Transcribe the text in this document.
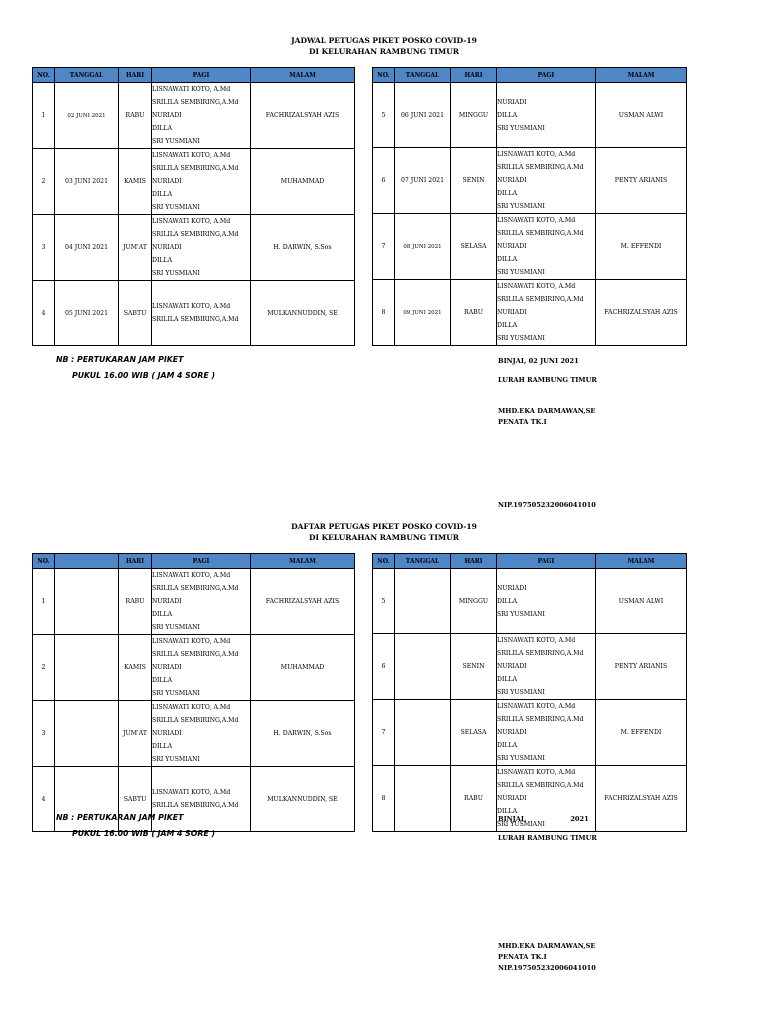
JADWAL PETUGAS PIKET POSKO COVID-19
DI KELURAHAN RAMBUNG TIMUR
NO.	TANGGAL	HARI	PAGI	MALAM
1	02 JUNI 2021	RABU	LISNAWATI KOTO, A.Md
SRILILA SEMBIRING,A.Md
NURIADI
DILLA
SRI YUSMIANI	FACHRIZALSYAH AZIS
2	03 JUNI 2021	KAMIS	LISNAWATI KOTO, A.Md
SRILILA SEMBIRING,A.Md
NURIADI
DILLA
SRI YUSMIANI	MUHAMMAD
3	04 JUNI 2021	JUM'AT	LISNAWATI KOTO, A.Md
SRILILA SEMBIRING,A.Md
NURIADI
DILLA
SRI YUSMIANI	H. DARWIN, S.Sos
4	05 JUNI 2021	SABTU	LISNAWATI KOTO, A.Md
SRILILA SEMBIRING,A.Md	MULKANNUDDIN, SE
NO.	TANGGAL	HARI	PAGI	MALAM
5	06 JUNI 2021	MINGGU	NURIADI
DILLA
SRI YUSMIANI	USMAN ALWI
6	07 JUNI 2021	SENIN	LISNAWATI KOTO, A.Md
SRILILA SEMBIRING,A.Md
NURIADI
DILLA
SRI YUSMIANI	PENTY ARIANIS
7	08 JUNI 2021	SELASA	LISNAWATI KOTO, A.Md
SRILILA SEMBIRING,A.Md
NURIADI
DILLA
SRI YUSMIANI	M. EFFENDI
8	09 JUNI 2021	RABU	LISNAWATI KOTO, A.Md
SRILILA SEMBIRING,A.Md
NURIADI
DILLA
SRI YUSMIANI	FACHRIZALSYAH AZIS
NB : PERTUKARAN JAM PIKET
PUKUL 16.00 WIB ( JAM 4 SORE )
BINJAI, 02 JUNI 2021
LURAH RAMBUNG TIMUR
MHD.EKA DARMAWAN,SE
PENATA TK.I
NIP.197505232006041010
DAFTAR PETUGAS PIKET POSKO COVID-19
DI KELURAHAN RAMBUNG TIMUR
NO.		HARI	PAGI	MALAM
1		RABU	LISNAWATI KOTO, A.Md
SRILILA SEMBIRING,A.Md
NURIADI
DILLA
SRI YUSMIANI	FACHRIZALSYAH AZIS
2		KAMIS	LISNAWATI KOTO, A.Md
SRILILA SEMBIRING,A.Md
NURIADI
DILLA
SRI YUSMIANI	MUHAMMAD
3		JUM'AT	LISNAWATI KOTO, A.Md
SRILILA SEMBIRING,A.Md
NURIADI
DILLA
SRI YUSMIANI	H. DARWIN, S.Sos
4		SABTU	LISNAWATI KOTO, A.Md
SRILILA SEMBIRING,A.Md	MULKANNUDDIN, SE
NO.	TANGGAL	HARI	PAGI	MALAM
5		MINGGU	NURIADI
DILLA
SRI YUSMIANI	USMAN ALWI
6		SENIN	LISNAWATI KOTO, A.Md
SRILILA SEMBIRING,A.Md
NURIADI
DILLA
SRI YUSMIANI	PENTY ARIANIS
7		SELASA	LISNAWATI KOTO, A.Md
SRILILA SEMBIRING,A.Md
NURIADI
DILLA
SRI YUSMIANI	M. EFFENDI
8		RABU	LISNAWATI KOTO, A.Md
SRILILA SEMBIRING,A.Md
NURIADI
DILLA
SRI YUSMIANI	FACHRIZALSYAH AZIS
NB : PERTUKARAN JAM PIKET
PUKUL 16.00 WIB ( JAM 4 SORE )
BINJAI,	2021
LURAH RAMBUNG TIMUR
MHD.EKA DARMAWAN,SE
PENATA TK.I
NIP.197505232006041010
